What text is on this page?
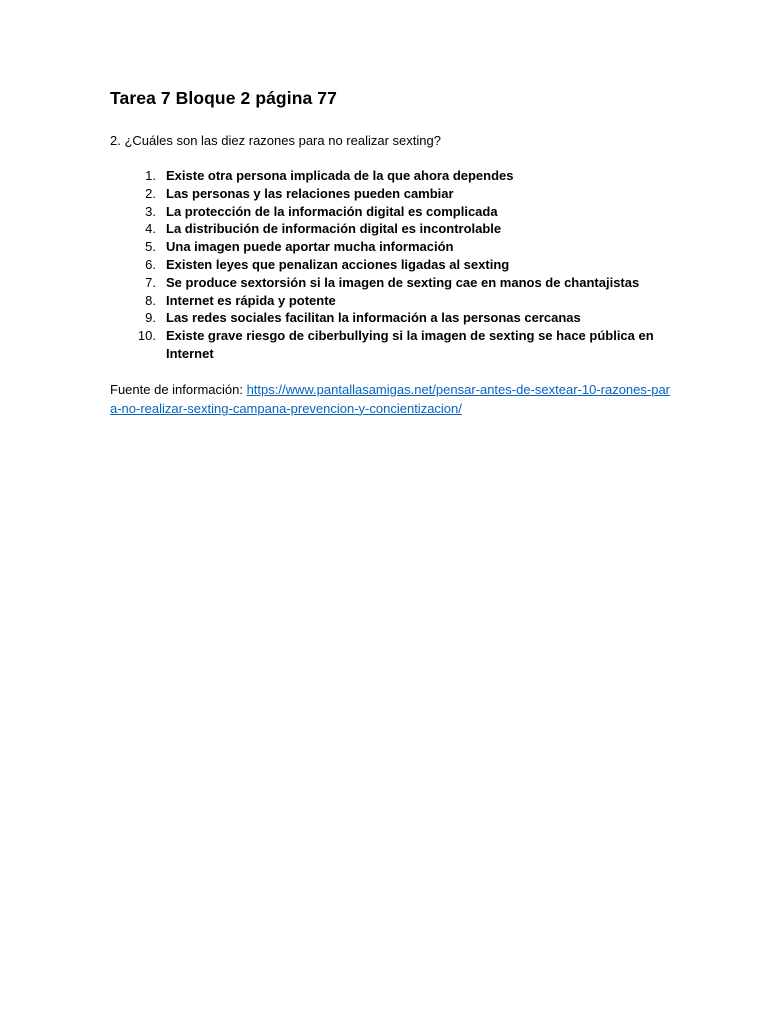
Tarea 7 Bloque 2 página 77

2. ¿Cuáles son las diez razones para no realizar sexting?

1. Existe otra persona implicada de la que ahora dependes
2. Las personas y las relaciones pueden cambiar
3. La protección de la información digital es complicada
4. La distribución de información digital es incontrolable
5. Una imagen puede aportar mucha información
6. Existen leyes que penalizan acciones ligadas al sexting
7. Se produce sextorsión si la imagen de sexting cae en manos de chantajistas
8. Internet es rápida y potente
9. Las redes sociales facilitan la información a las personas cercanas
10. Existe grave riesgo de ciberbullying si la imagen de sexting se hace pública en Internet

Fuente de información: https://www.pantallasamigas.net/pensar-antes-de-sextear-10-razones-para-no-realizar-sexting-campana-prevencion-y-concientizacion/
